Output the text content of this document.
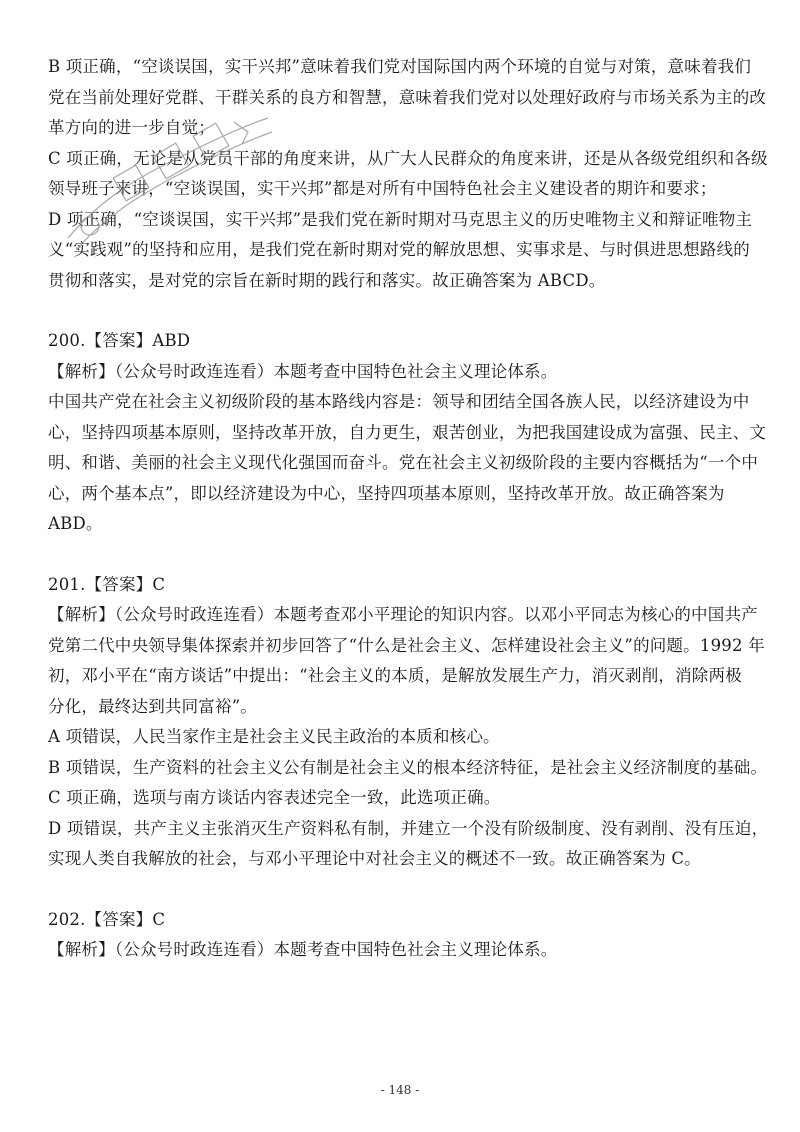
B 项正确，“空谈误国，实干兴邦”意味着我们党对国际国内两个环境的自觉与对策，意味着我们
党在当前处理好党群、干群关系的良方和智慧，意味着我们党对以处理好政府与市场关系为主的改
革方向的进一步自觉；
C 项正确，无论是从党员干部的角度来讲，从广大人民群众的角度来讲，还是从各级党组织和各级
领导班子来讲，“空谈误国，实干兴邦”都是对所有中国特色社会主义建设者的期许和要求；
D 项正确，“空谈误国，实干兴邦”是我们党在新时期对马克思主义的历史唯物主义和辩证唯物主
义“实践观”的坚持和应用，是我们党在新时期对党的解放思想、实事求是、与时俱进思想路线的
贯彻和落实，是对党的宗旨在新时期的践行和落实。故正确答案为 ABCD。
200.【答案】ABD
【解析】（公众号时政连连看）本题考查中国特色社会主义理论体系。
中国共产党在社会主义初级阶段的基本路线内容是：领导和团结全国各族人民，以经济建设为中
心，坚持四项基本原则，坚持改革开放，自力更生，艰苦创业，为把我国建设成为富强、民主、文
明、和谐、美丽的社会主义现代化强国而奋斗。党在社会主义初级阶段的主要内容概括为“一个中
心，两个基本点”，即以经济建设为中心，坚持四项基本原则，坚持改革开放。故正确答案为
ABD。
201.【答案】C
【解析】（公众号时政连连看）本题考查邓小平理论的知识内容。以邓小平同志为核心的中国共产
党第二代中央领导集体探索并初步回答了“什么是社会主义、怎样建设社会主义”的问题。1992 年
初，邓小平在“南方谈话”中提出：“社会主义的本质，是解放发展生产力，消灭剥削，消除两极
分化，最终达到共同富裕”。
A 项错误，人民当家作主是社会主义民主政治的本质和核心。
B 项错误，生产资料的社会主义公有制是社会主义的根本经济特征，是社会主义经济制度的基础。
C 项正确，选项与南方谈话内容表述完全一致，此选项正确。
D 项错误，共产主义主张消灭生产资料私有制，并建立一个没有阶级制度、没有剥削、没有压迫，
实现人类自我解放的社会，与邓小平理论中对社会主义的概述不一致。故正确答案为 C。
202.【答案】C
【解析】（公众号时政连连看）本题考查中国特色社会主义理论体系。
- 148 -
